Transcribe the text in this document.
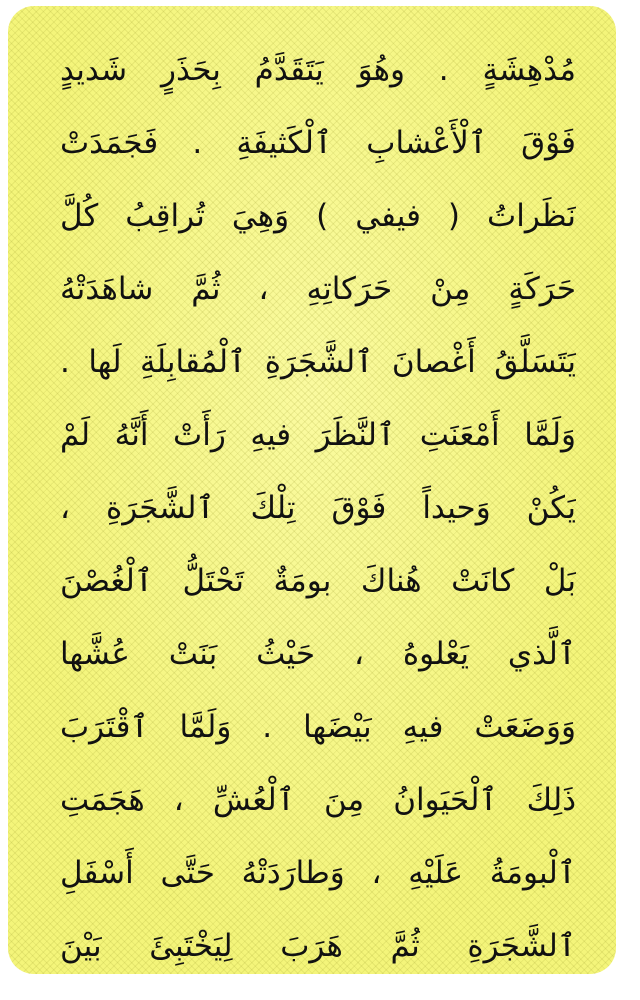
مُدْهِشَةٍ . وهُوَ يَتَقَدَّمُ بِحَذَرٍ شَديدٍ
فَوْقَ ٱلْأَعْشابِ ٱلْكَثيفَةِ . فَجَمَدَتْ
نَظَراتُ ( فيفي ) وَهِيَ تُراقِبُ كُلَّ
حَرَكَةٍ مِنْ حَرَكاتِهِ ، ثُمَّ شاهَدَتْهُ
يَتَسَلَّقُ أَغْصانَ ٱلشَّجَرَةِ ٱلْمُقابِلَةِ لَها .
وَلَمَّا أَمْعَنَتِ ٱلنَّظَرَ فيهِ رَأَتْ أَنَّهُ لَمْ
يَكُنْ وَحيداً فَوْقَ تِلْكَ ٱلشَّجَرَةِ ،
بَلْ كانَتْ هُناكَ بومَةٌ تَحْتَلُّ ٱلْغُصْنَ
ٱلَّذي يَعْلوهُ ، حَيْثُ بَنَتْ عُشَّها
وَوَضَعَتْ فيهِ بَيْضَها . وَلَمَّا ٱقْتَرَبَ
ذَلِكَ ٱلْحَيَوانُ مِنَ ٱلْعُشِّ ، هَجَمَتِ
ٱلْبومَةُ عَلَيْهِ ، وَطارَدَتْهُ حَتَّى أَسْفَلِ
ٱلشَّجَرَةِ ثُمَّ هَرَبَ لِيَخْتَبِئَ بَيْنَ
